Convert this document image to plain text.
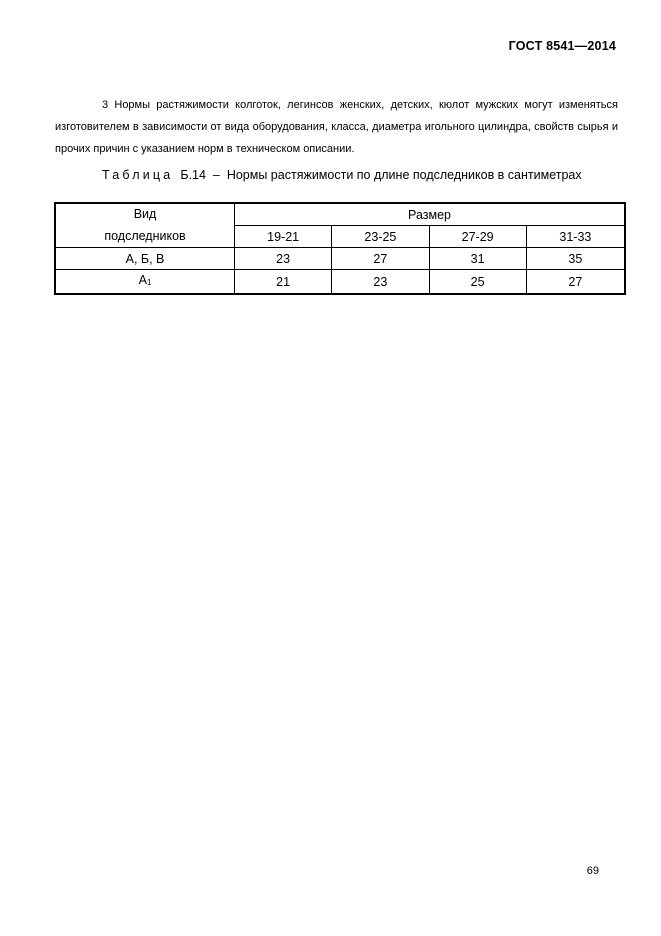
ГОСТ 8541—2014

3 Нормы растяжимости колготок, легинсов женских, детских, кюлот мужских могут изменяться изготовителем в зависимости от вида оборудования, класса, диаметра игольного цилиндра, свойств сырья и прочих причин с указанием норм в техническом описании.

Таблица Б.14 – Нормы растяжимости по длине подследников в сантиметрах
Вид	Размер			
подследников	19-21	23-25	27-29	31-33
А, Б, В	23	27	31	35
А1	21	23	25	27
69
